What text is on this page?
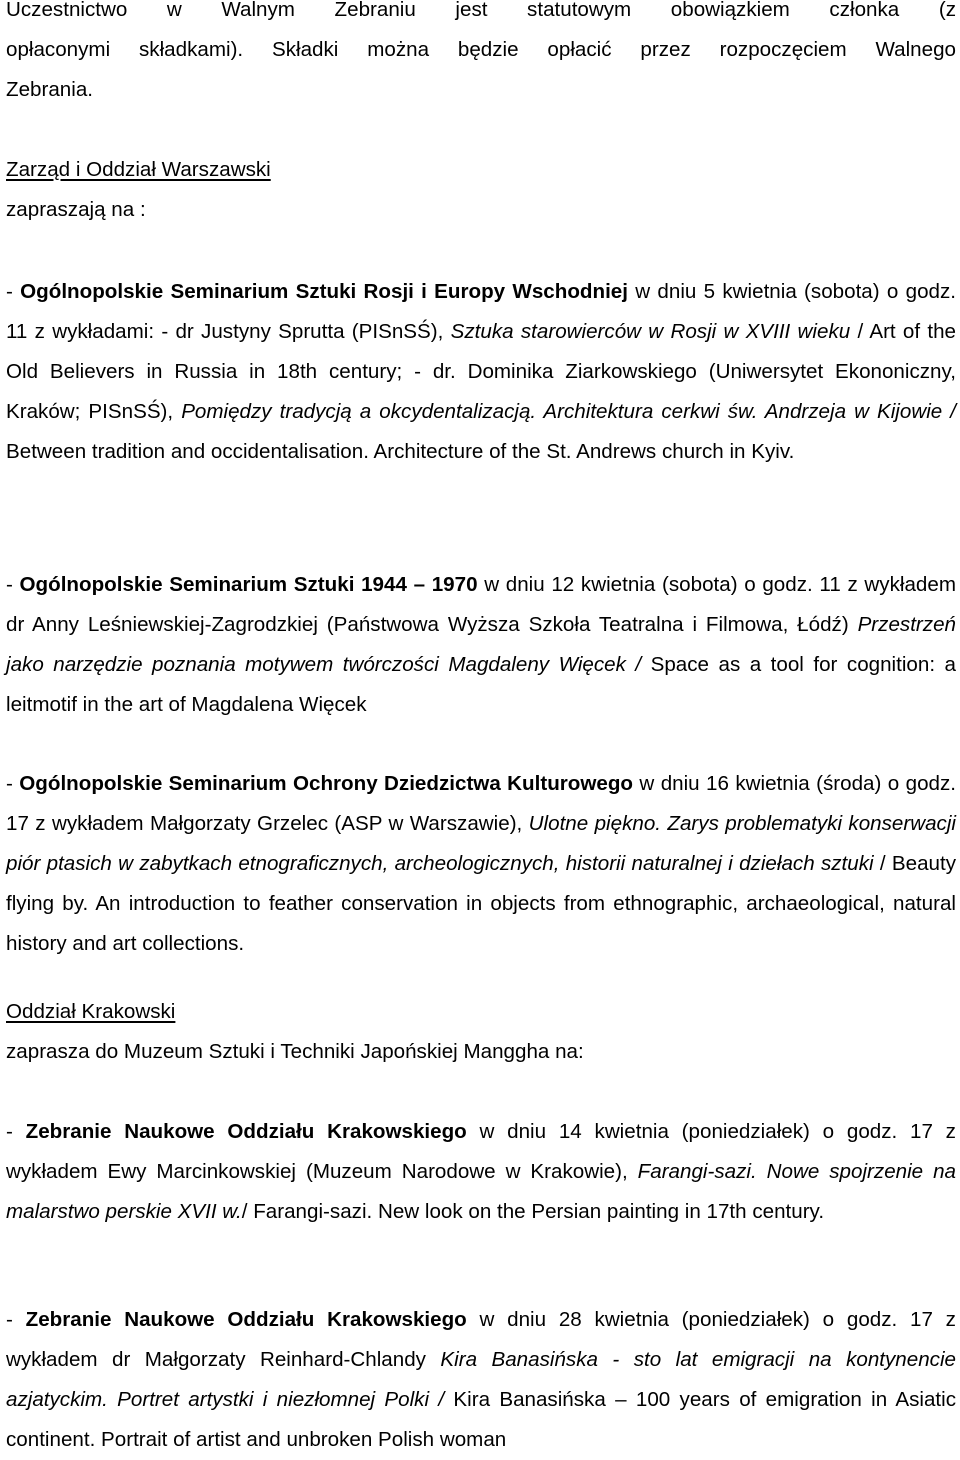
Uczestnictwo w Walnym Zebraniu jest statutowym obowiązkiem członka (z
opłaconymi składkami). Składki można będzie opłacić przez rozpoczęciem Walnego
Zebrania.

Zarząd i Oddział Warszawski
zapraszają na :

- Ogólnopolskie Seminarium Sztuki Rosji i Europy Wschodniej w dniu 5 kwietnia (sobota) o godz. 11 z wykładami: - dr Justyny Sprutta (PISnSŚ), Sztuka starowierców w Rosji w XVIII wieku / Art of the Old Believers in Russia in 18th century; - dr. Dominika Ziarkowskiego (Uniwersytet Ekononiczny, Kraków; PISnSŚ), Pomiędzy tradycją a okcydentalizacją. Architektura cerkwi św. Andrzeja w Kijowie / Between tradition and occidentalisation. Architecture of the St. Andrews church in Kyiv.

- Ogólnopolskie Seminarium Sztuki 1944 – 1970 w dniu 12 kwietnia (sobota) o godz. 11 z wykładem dr Anny Leśniewskiej-Zagrodzkiej (Państwowa Wyższa Szkoła Teatralna i Filmowa, Łódź) Przestrzeń jako narzędzie poznania motywem twórczości Magdaleny Więcek / Space as a tool for cognition: a leitmotif in the art of Magdalena Więcek

- Ogólnopolskie Seminarium Ochrony Dziedzictwa Kulturowego w dniu 16 kwietnia (środa) o godz. 17 z wykładem Małgorzaty Grzelec (ASP w Warszawie), Ulotne piękno. Zarys problematyki konserwacji piór ptasich w zabytkach etnograficznych, archeologicznych, historii naturalnej i dziełach sztuki / Beauty flying by. An introduction to feather conservation in objects from ethnographic, archaeological, natural history and art collections.

Oddział Krakowski
zaprasza do Muzeum Sztuki i Techniki Japońskiej Manggha na:

- Zebranie Naukowe Oddziału Krakowskiego w dniu 14 kwietnia (poniedziałek) o godz. 17 z wykładem Ewy Marcinkowskiej (Muzeum Narodowe w Krakowie), Farangi-sazi. Nowe spojrzenie na malarstwo perskie XVII w./ Farangi-sazi. New look on the Persian painting in 17th century.

- Zebranie Naukowe Oddziału Krakowskiego w dniu 28 kwietnia (poniedziałek) o godz. 17 z wykładem dr Małgorzaty Reinhard-Chlandy Kira Banasińska - sto lat emigracji na kontynencie azjatyckim. Portret artystki i niezłomnej Polki / Kira Banasińska – 100 years of emigration in Asiatic continent. Portrait of artist and unbroken Polish woman
